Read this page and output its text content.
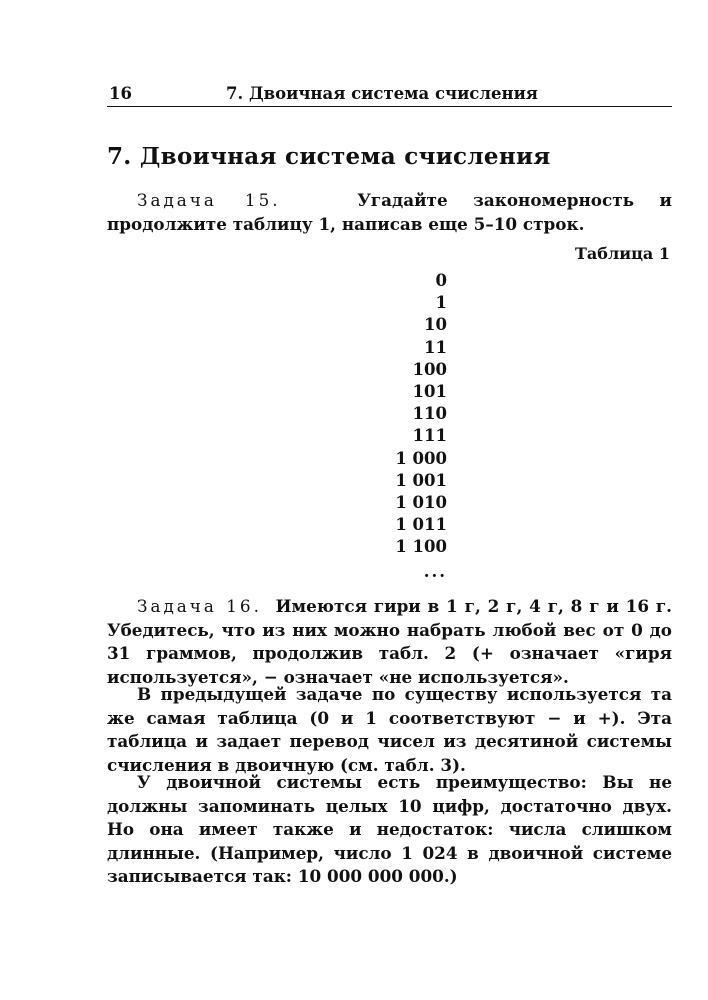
16	7. Двоичная система счисления
7. Двоичная система счисления

Задача 15.	Угадайте закономерность и продолжите таблицу 1, написав еще 5–10 строк.

Таблица 1
0
1
10
11
100
101
110
111
1 000
1 001
1 010
1 011
1 100
...

Задача 16. Имеются гири в 1 г, 2 г, 4 г, 8 г и 16 г. Убедитесь, что из них можно набрать любой вес от 0 до 31 граммов, продолжив табл. 2 (+ означает «гиря используется», − означает «не используется».

В предыдущей задаче по существу используется та же самая таблица (0 и 1 соответствуют − и +). Эта таблица и задает перевод чисел из десятиной системы счисления в двоичную (см. табл. 3).

У двоичной системы есть преимущество: Вы не должны запоминать целых 10 цифр, достаточно двух. Но она имеет также и недостаток: числа слишком длинные. (Например, число 1 024 в двоичной системе записывается так: 10 000 000 000.)
